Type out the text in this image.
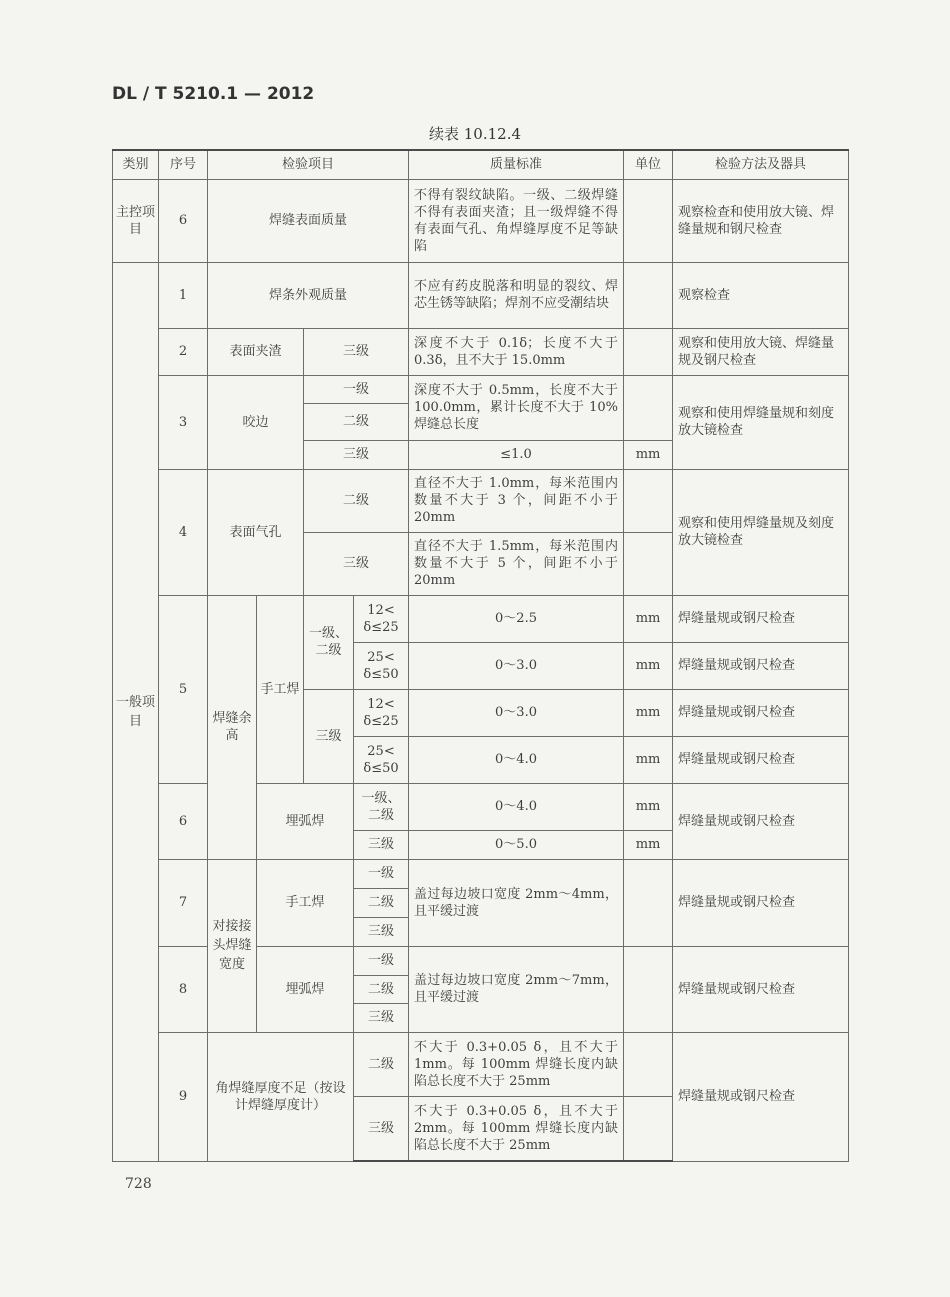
DL / T 5210.1 — 2012
续表 10.12.4
类别	序号	检验项目				质量标准	单位	检验方法及器具
主控项目	6	焊缝表面质量				不得有裂纹缺陷。一级、二级焊缝不得有表面夹渣；且一级焊缝不得有表面气孔、角焊缝厚度不足等缺陷		观察检查和使用放大镜、焊缝量规和钢尺检查
一般项目	1	焊条外观质量				不应有药皮脱落和明显的裂纹、焊芯生锈等缺陷；焊剂不应受潮结块		观察检查
	2	表面夹渣		三级		深度不大于 0.1δ；长度不大于 0.3δ，且不大于 15.0mm		观察和使用放大镜、焊缝量规及钢尺检查
	3	咬边		一级		深度不大于 0.5mm，长度不大于 100.0mm，累计长度不大于 10%焊缝总长度		观察和使用焊缝量规和刻度放大镜检查
				二级				
				三级		≤1.0	mm	
	4	表面气孔		二级		直径不大于 1.0mm，每米范围内数量不大于 3 个，间距不小于 20mm		观察和使用焊缝量规及刻度放大镜检查
				三级		直径不大于 1.5mm，每米范围内数量不大于 5 个，间距不小于 20mm		
	5	焊缝余高	手工焊	一级、二级	12< δ≤25	0～2.5	mm	焊缝量规或钢尺检查
					25< δ≤50	0～3.0	mm	焊缝量规或钢尺检查
				三级	12< δ≤25	0～3.0	mm	焊缝量规或钢尺检查
					25< δ≤50	0～4.0	mm	焊缝量规或钢尺检查
	6		埋弧焊		一级、二级	0～4.0	mm	焊缝量规或钢尺检查
					三级	0～5.0	mm	
	7	对接接头焊缝宽度	手工焊		一级	盖过每边坡口宽度 2mm～4mm，且平缓过渡		焊缝量规或钢尺检查
					二级			
					三级			
	8		埋弧焊		一级	盖过每边坡口宽度 2mm～7mm，且平缓过渡		焊缝量规或钢尺检查
					二级			
					三级			
	9	角焊缝厚度不足（按设计焊缝厚度计）			二级	不大于 0.3+0.05 δ，且不大于 1mm。每 100mm 焊缝长度内缺陷总长度不大于 25mm		焊缝量规或钢尺检查
					三级	不大于 0.3+0.05 δ，且不大于 2mm。每 100mm 焊缝长度内缺陷总长度不大于 25mm		
728
